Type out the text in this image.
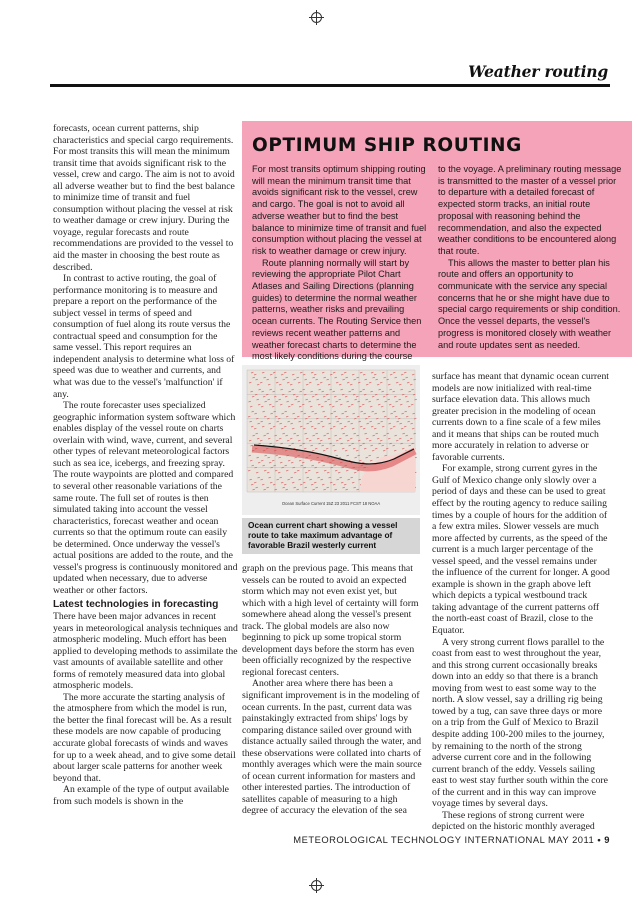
Weather routing

forecasts, ocean current patterns, ship characteristics and special cargo requirements. For most transits this will mean the minimum transit time that avoids significant risk to the vessel, crew and cargo. The aim is not to avoid all adverse weather but to find the best balance to minimize time of transit and fuel consumption without placing the vessel at risk to weather damage or crew injury. During the voyage, regular forecasts and route recommendations are provided to the vessel to aid the master in choosing the best route as described.

In contrast to active routing, the goal of performance monitoring is to measure and prepare a report on the performance of the subject vessel in terms of speed and consumption of fuel along its route versus the contractual speed and consumption for the same vessel. This report requires an independent analysis to determine what loss of speed was due to weather and currents, and what was due to the vessel's 'malfunction' if any.

The route forecaster uses specialized geographic information system software which enables display of the vessel route on charts overlain with wind, wave, current, and several other types of relevant meteorological factors such as sea ice, icebergs, and freezing spray. The route waypoints are plotted and compared to several other reasonable variations of the same route. The full set of routes is then simulated taking into account the vessel characteristics, forecast weather and ocean currents so that the optimum route can easily be determined. Once underway the vessel's actual positions are added to the route, and the vessel's progress is continuously monitored and updated when necessary, due to adverse weather or other factors.

Latest technologies in forecasting

There have been major advances in recent years in meteorological analysis techniques and atmospheric modeling. Much effort has been applied to developing methods to assimilate the vast amounts of available satellite and other forms of remotely measured data into global atmospheric models.

The more accurate the starting analysis of the atmosphere from which the model is run, the better the final forecast will be. As a result these models are now capable of producing accurate global forecasts of winds and waves for up to a week ahead, and to give some detail about larger scale patterns for another week beyond that.

An example of the type of output available from such models is shown in the

OPTIMUM SHIP ROUTING

For most transits optimum shipping routing will mean the minimum transit time that avoids significant risk to the vessel, crew and cargo. The goal is not to avoid all adverse weather but to find the best balance to minimize time of transit and fuel consumption without placing the vessel at risk to weather damage or crew injury.

Route planning normally will start by reviewing the appropriate Pilot Chart Atlases and Sailing Directions (planning guides) to determine the normal weather patterns, weather risks and prevailing ocean currents. The Routing Service then reviews recent weather patterns and weather forecast charts to determine the most likely conditions during the course

to the voyage. A preliminary routing message is transmitted to the master of a vessel prior to departure with a detailed forecast of expected storm tracks, an initial route proposal with reasoning behind the recommendation, and also the expected weather conditions to be encountered along that route.

This allows the master to better plan his route and offers an opportunity to communicate with the service any special concerns that he or she might have due to special cargo requirements or ship condition. Once the vessel departs, the vessel's progress is monitored closely with weather and route updates sent as needed.

Ocean Surface Current 15Z 23 2011 FCST 18 NOAA
Ocean current chart showing a vessel route to take maximum advantage of favorable Brazil westerly current

graph on the previous page. This means that vessels can be routed to avoid an expected storm which may not even exist yet, but which with a high level of certainty will form somewhere ahead along the vessel's present track. The global models are also now beginning to pick up some tropical storm development days before the storm has even been officially recognized by the respective regional forecast centers.

Another area where there has been a significant improvement is in the modeling of ocean currents. In the past, current data was painstakingly extracted from ships' logs by comparing distance sailed over ground with distance actually sailed through the water, and these observations were collated into charts of monthly averages which were the main source of ocean current information for masters and other interested parties. The introduction of satellites capable of measuring to a high degree of accuracy the elevation of the sea

surface has meant that dynamic ocean current models are now initialized with real-time surface elevation data. This allows much greater precision in the modeling of ocean currents down to a fine scale of a few miles and it means that ships can be routed much more accurately in relation to adverse or favorable currents.

For example, strong current gyres in the Gulf of Mexico change only slowly over a period of days and these can be used to great effect by the routing agency to reduce sailing times by a couple of hours for the addition of a few extra miles. Slower vessels are much more affected by currents, as the speed of the current is a much larger percentage of the vessel speed, and the vessel remains under the influence of the current for longer. A good example is shown in the graph above left which depicts a typical westbound track taking advantage of the current patterns off the north-east coast of Brazil, close to the Equator.

A very strong current flows parallel to the coast from east to west throughout the year, and this strong current occasionally breaks down into an eddy so that there is a branch moving from west to east some way to the north. A slow vessel, say a drilling rig being towed by a tug, can save three days or more on a trip from the Gulf of Mexico to Brazil despite adding 100-200 miles to the journey, by remaining to the north of the strong adverse current core and in the following current branch of the eddy. Vessels sailing east to west stay further south within the core of the current and in this way can improve voyage times by several days.

These regions of strong current were depicted on the historic monthly averaged

METEOROLOGICAL TECHNOLOGY INTERNATIONAL MAY 2011 • 9
